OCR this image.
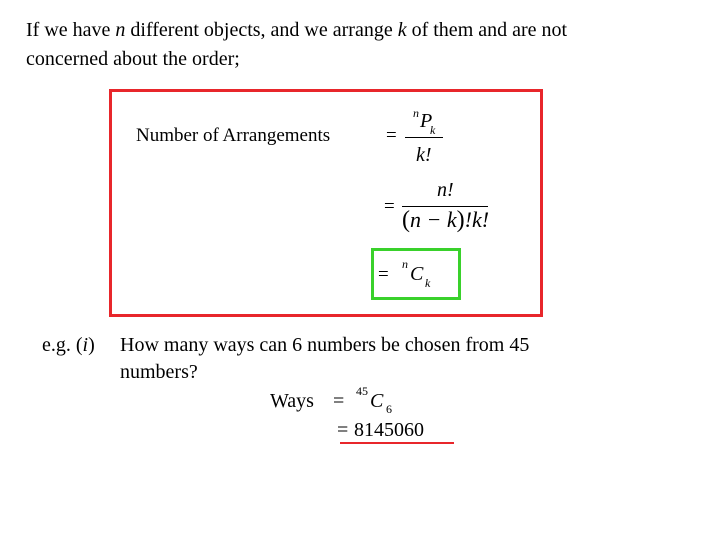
If we have n different objects, and we arrange k of them and are not
concerned about the order;
Number of Arrangements	=
n P
k
k!
=
n!
(n − k)!k!
= n C k
e.g. (i) How many ways can 6 numbers be chosen from 45
numbers?
Ways = 45 C 6
= 8145060
